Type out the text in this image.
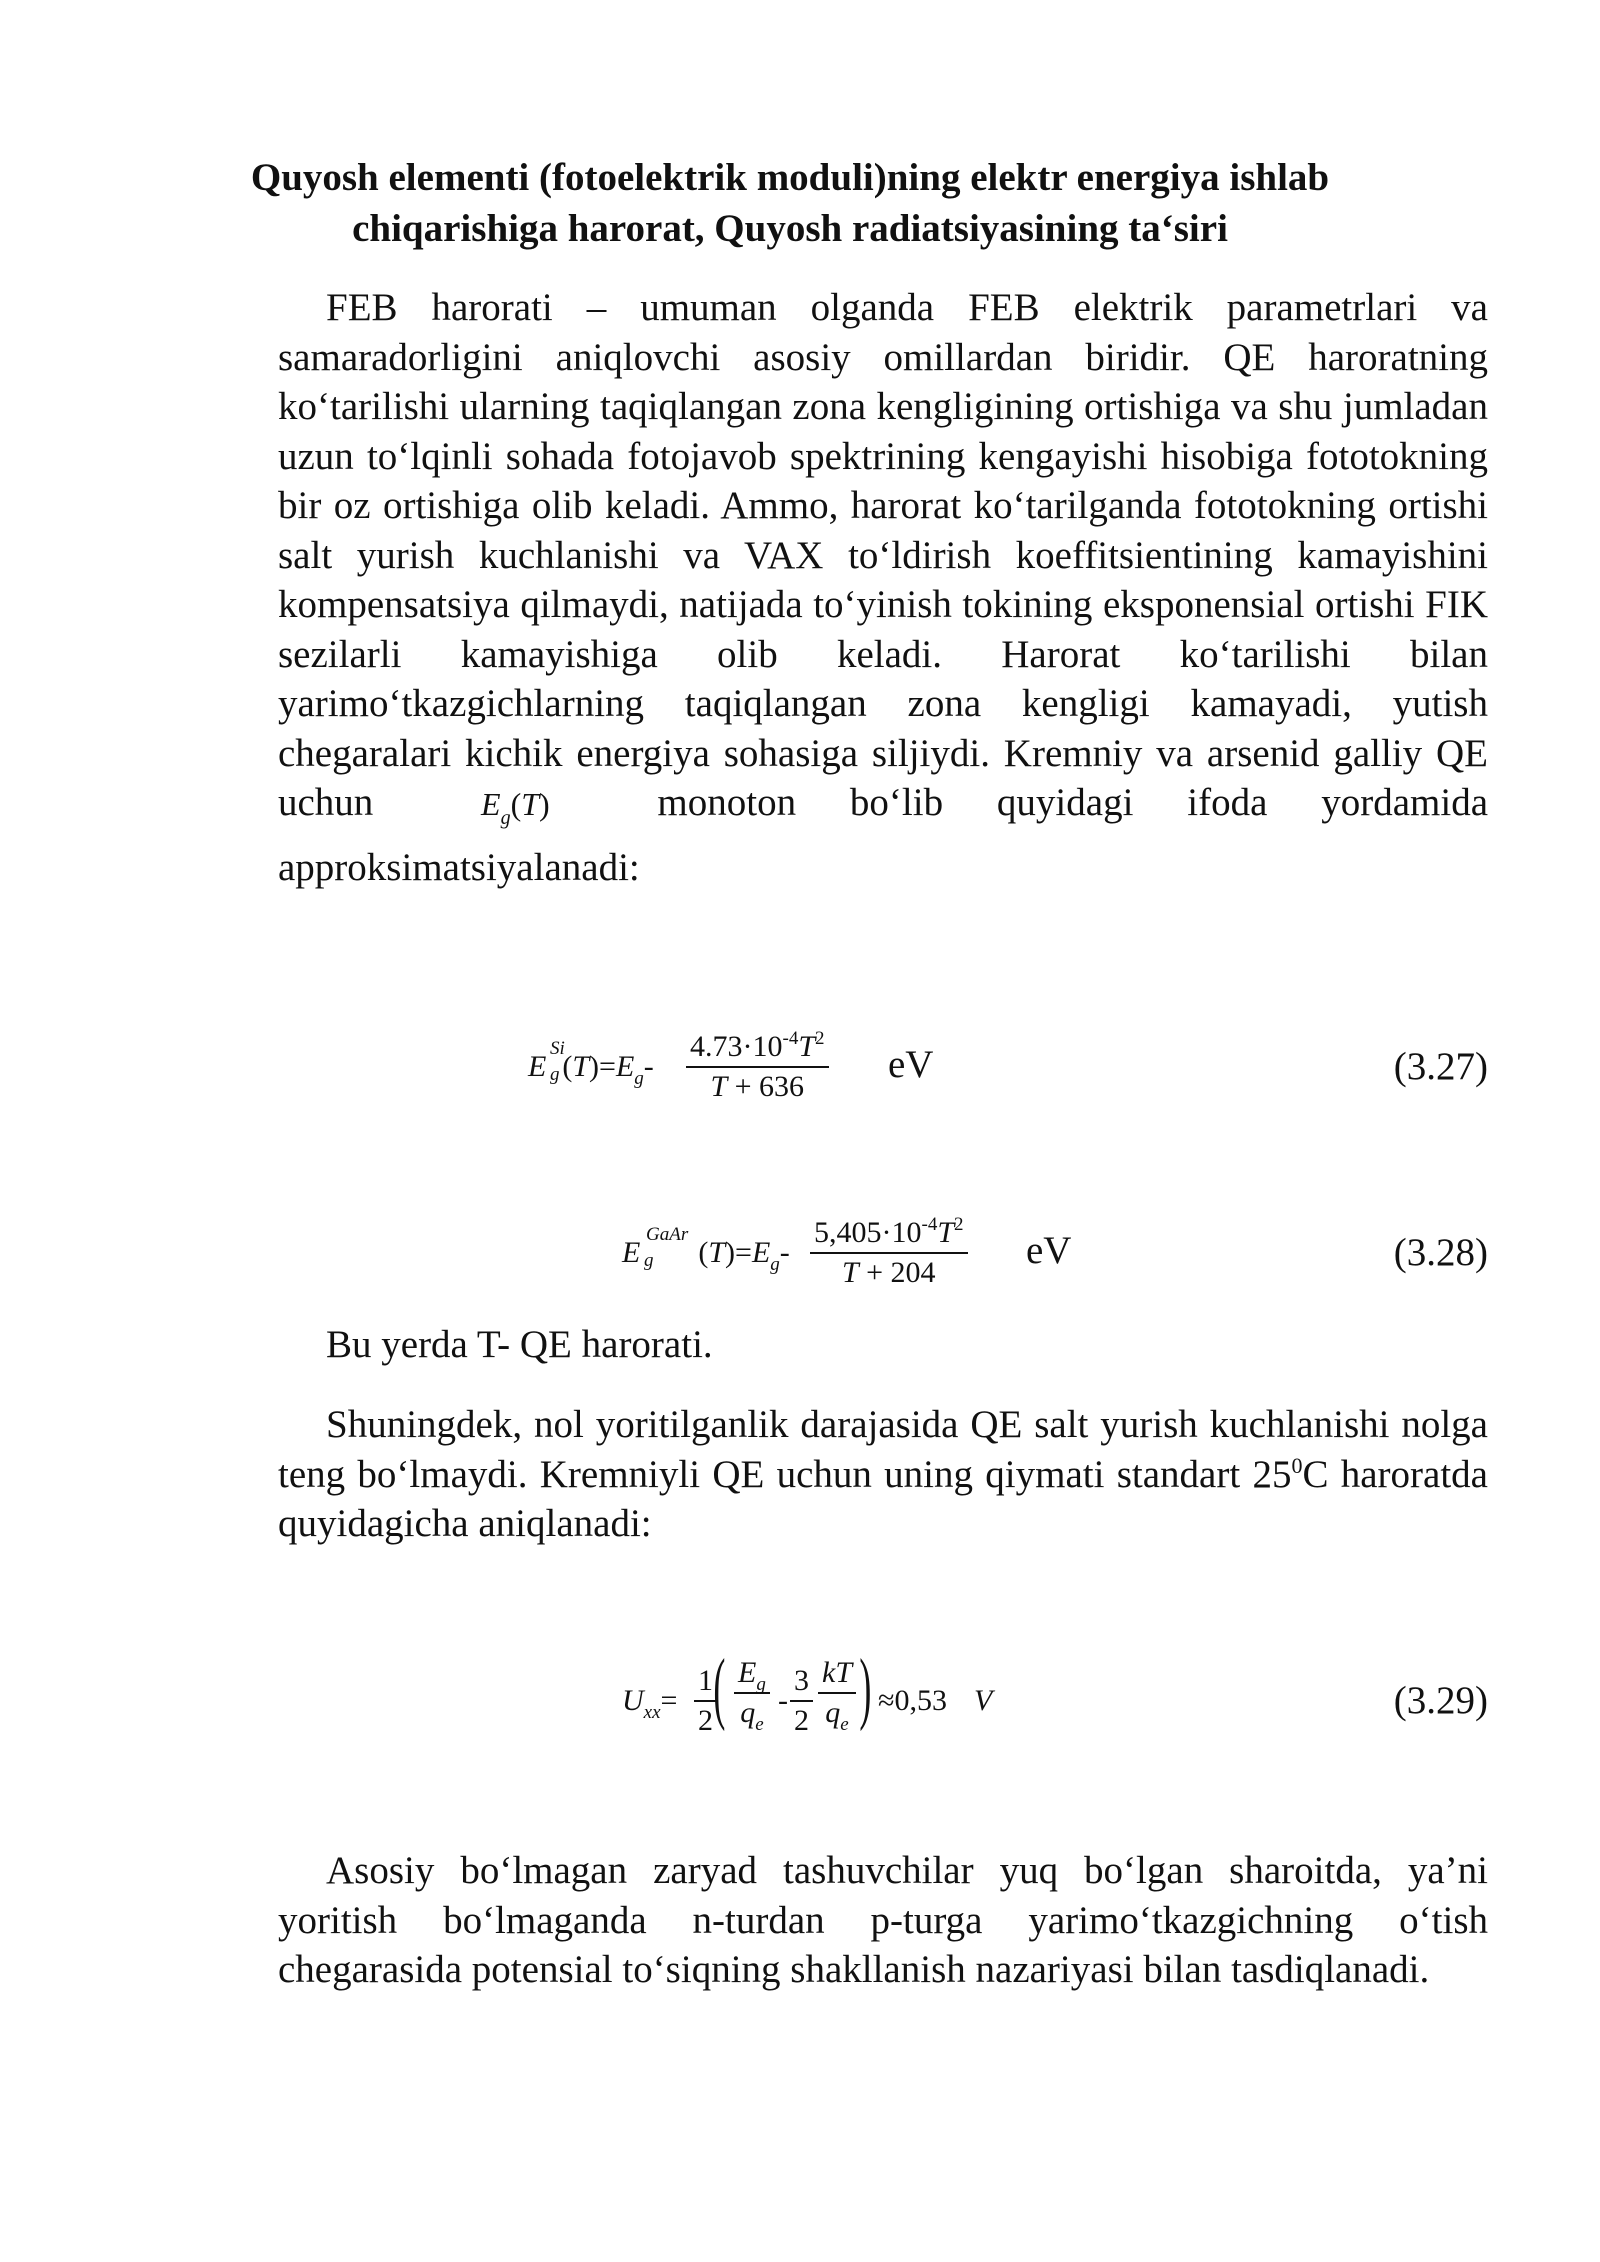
Quyosh elementi (fotoelektrik moduli)ning elektr energiya ishlab
chiqarishiga harorat, Quyosh radiatsiyasining ta‘siri
FEB harorati – umuman olganda FEB elektrik parametrlari va samaradorligini aniqlovchi asosiy omillardan biridir. QE haroratning ko‘tarilishi ularning taqiqlangan zona kengligining ortishiga va shu jumladan uzun to‘lqinli sohada fotojavob spektrining kengayishi hisobiga fototokning bir oz ortishiga olib keladi. Ammo, harorat ko‘tarilganda fototokning ortishi salt yurish kuchlanishi va VAX to‘ldirish koeffitsientining kamayishini kompensatsiya qilmaydi, natijada to‘yinish tokining eksponensial ortishi FIK sezilarli kamayishiga olib keladi. Harorat ko‘tarilishi bilan yarimo‘tkazgichlarning taqiqlangan zona kengligi kamayadi, yutish chegaralari kichik energiya sohasiga siljiydi. Kremniy va arsenid galliy QE uchun	$E_g(T)$	monoton bo‘lib quyidagi ifoda yordamida approksimatsiyalanadi:
E
Si
g $(T)=E_g-$
$4.73\cdot 10^{-4}T^2$
T + 636
eV	(3.27)
E
GaAr
g $(T)=E_g-$
$5,405\cdot 10^{-4}T^2$
T + 204
eV	(3.28)
Bu yerda T- QE harorati.
Shuningdek, nol yoritilganlik darajasida QE salt yurish kuchlanishi nolga teng bo‘lmaydi. Kremniyli QE uchun uning qiymati standart $25^0C$ haroratda quyidagicha aniqlanadi:
$U_{xx}=$
1
2 ( $E_g$
$q_e$
-
3
2
kT
$q_e$ ) ≈0,53 V	(3.29)
Asosiy bo‘lmagan zaryad tashuvchilar yuq bo‘lgan sharoitda, ya’ni yoritish bo‘lmaganda n-turdan p-turga yarimo‘tkazgichning o‘tish chegarasida potensial to‘siqning shakllanish nazariyasi bilan tasdiqlanadi.
